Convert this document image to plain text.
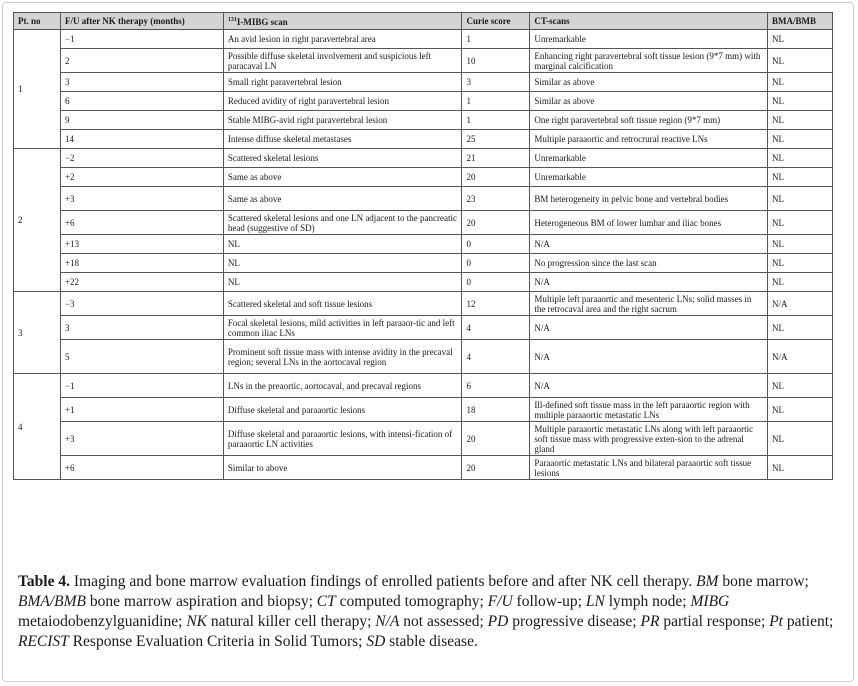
Pt. no	F/U after NK therapy (months)	$^{131}$I-MIBG scan	Curie score	CT-scans	BMA/BMB
1	−1	An avid lesion in right paravertebral area	1	Unremarkable	NL
	2	Possible diffuse skeletal involvement and suspicious left paracaval LN	10	Enhancing right paravertebral soft tissue lesion (9*7 mm) with marginal calcification	NL
	3	Small right paravertebral lesion	3	Similar as above	NL
	6	Reduced avidity of right paravertebral lesion	1	Similar as above	NL
	9	Stable MIBG-avid right paravertebral lesion	1	One right paravertebral soft tissue region (9*7 mm)	NL
	14	Intense diffuse skeletal metastases	25	Multiple paraaortic and retrocrural reactive LNs	NL
2	−2	Scattered skeletal lesions	21	Unremarkable	NL
	+2	Same as above	20	Unremarkable	NL
	+3	Same as above	23	BM heterogeneity in pelvic bone and vertebral bodies	NL
	+6	Scattered skeletal lesions and one LN adjacent to the pancreatic head (suggestive of SD)	20	Heterogeneous BM of lower lumbar and iliac bones	NL
	+13	NL	0	N/A	NL
	+18	NL	0	No progression since the last scan	NL
	+22	NL	0	N/A	NL
3	−3	Scattered skeletal and soft tissue lesions	12	Multiple left paraaortic and mesenteric LNs; solid masses in the retrocaval area and the right sacrum	N/A
	3	Focal skeletal lesions, mild activities in left paraaor-tic and left common iliac LNs	4	N/A	NL
	5	Prominent soft tissue mass with intense avidity in the precaval region; several LNs in the aortocaval region	4	N/A	N/A
4	−1	LNs in the preaortic, aortocaval, and precaval regions	6	N/A	NL
	+1	Diffuse skeletal and paraaortic lesions	18	Ill-defined soft tissue mass in the left paraaortic region with multiple paraaortic metastatic LNs	NL
	+3	Diffuse skeletal and paraaortic lesions, with intensi-fication of paraaortic LN activities	20	Multiple paraaortic metastatic LNs along with left paraaortic soft tissue mass with progressive exten-sion to the adrenal gland	NL
	+6	Similar to above	20	Paraaortic metastatic LNs and bilateral paraaortic soft tissue lesions	NL
Table 4. Imaging and bone marrow evaluation findings of enrolled patients before and after NK cell therapy. BM bone marrow; BMA/BMB bone marrow aspiration and biopsy; CT computed tomography; F/U follow-up; LN lymph node; MIBG metaiodobenzylguanidine; NK natural killer cell therapy; N/A not assessed; PD progressive disease; PR partial response; Pt patient; RECIST Response Evaluation Criteria in Solid Tumors; SD stable disease.
